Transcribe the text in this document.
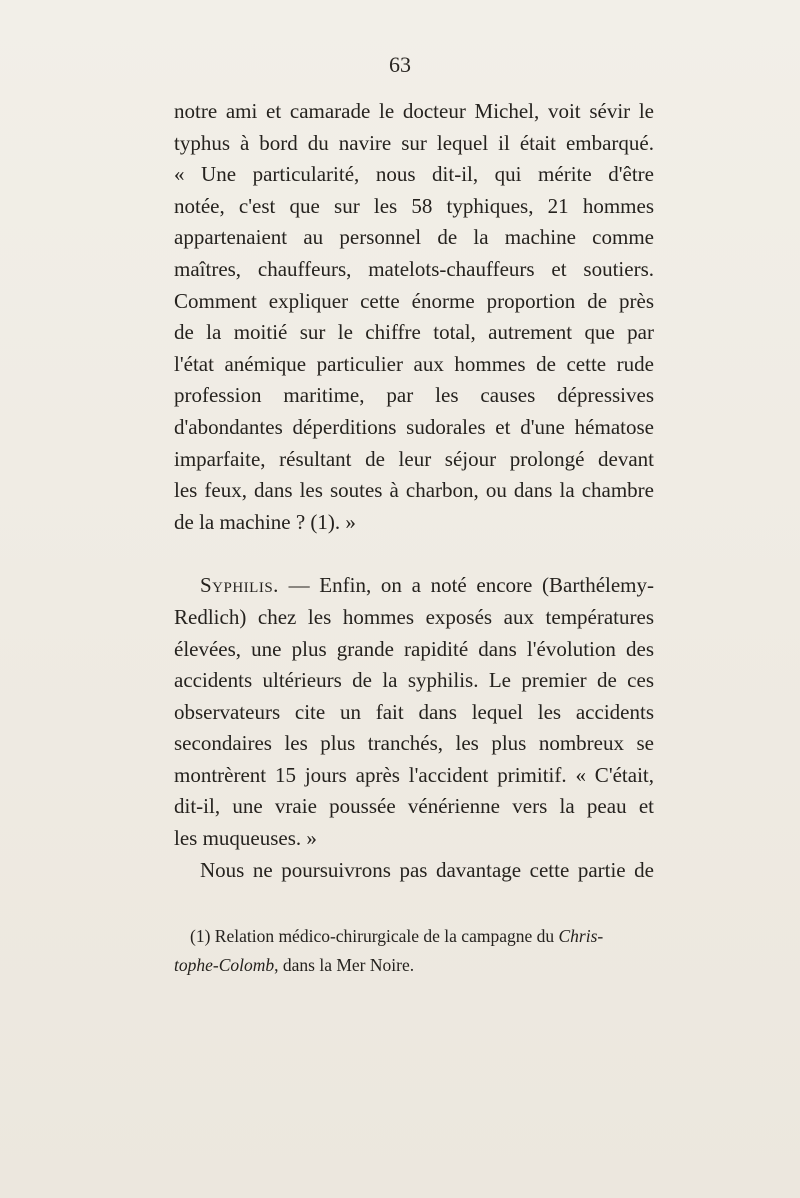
63
notre ami et camarade le docteur Michel, voit sévir le
typhus à bord du navire sur lequel il était embarqué.
« Une particularité, nous dit-il, qui mérite d'être
notée, c'est que sur les 58 typhiques, 21 hommes
appartenaient au personnel de la machine comme
maîtres, chauffeurs, matelots-chauffeurs et soutiers.
Comment expliquer cette énorme proportion de près
de la moitié sur le chiffre total, autrement que par
l'état anémique particulier aux hommes de cette rude
profession maritime, par les causes dépressives
d'abondantes déperditions sudorales et d'une hématose
imparfaite, résultant de leur séjour prolongé devant
les feux, dans les soutes à charbon, ou dans la chambre
de la machine ? (1). »
Syphilis. — Enfin, on a noté encore (Barthélemy-
Redlich) chez les hommes exposés aux températures
élevées, une plus grande rapidité dans l'évolution des
accidents ultérieurs de la syphilis. Le premier de ces
observateurs cite un fait dans lequel les accidents
secondaires les plus tranchés, les plus nombreux se
montrèrent 15 jours après l'accident primitif. « C'était,
dit-il, une vraie poussée vénérienne vers la peau et
les muqueuses. »
Nous ne poursuivrons pas davantage cette partie de
(1) Relation médico-chirurgicale de la campagne du Chris-
tophe-Colomb, dans la Mer Noire.
